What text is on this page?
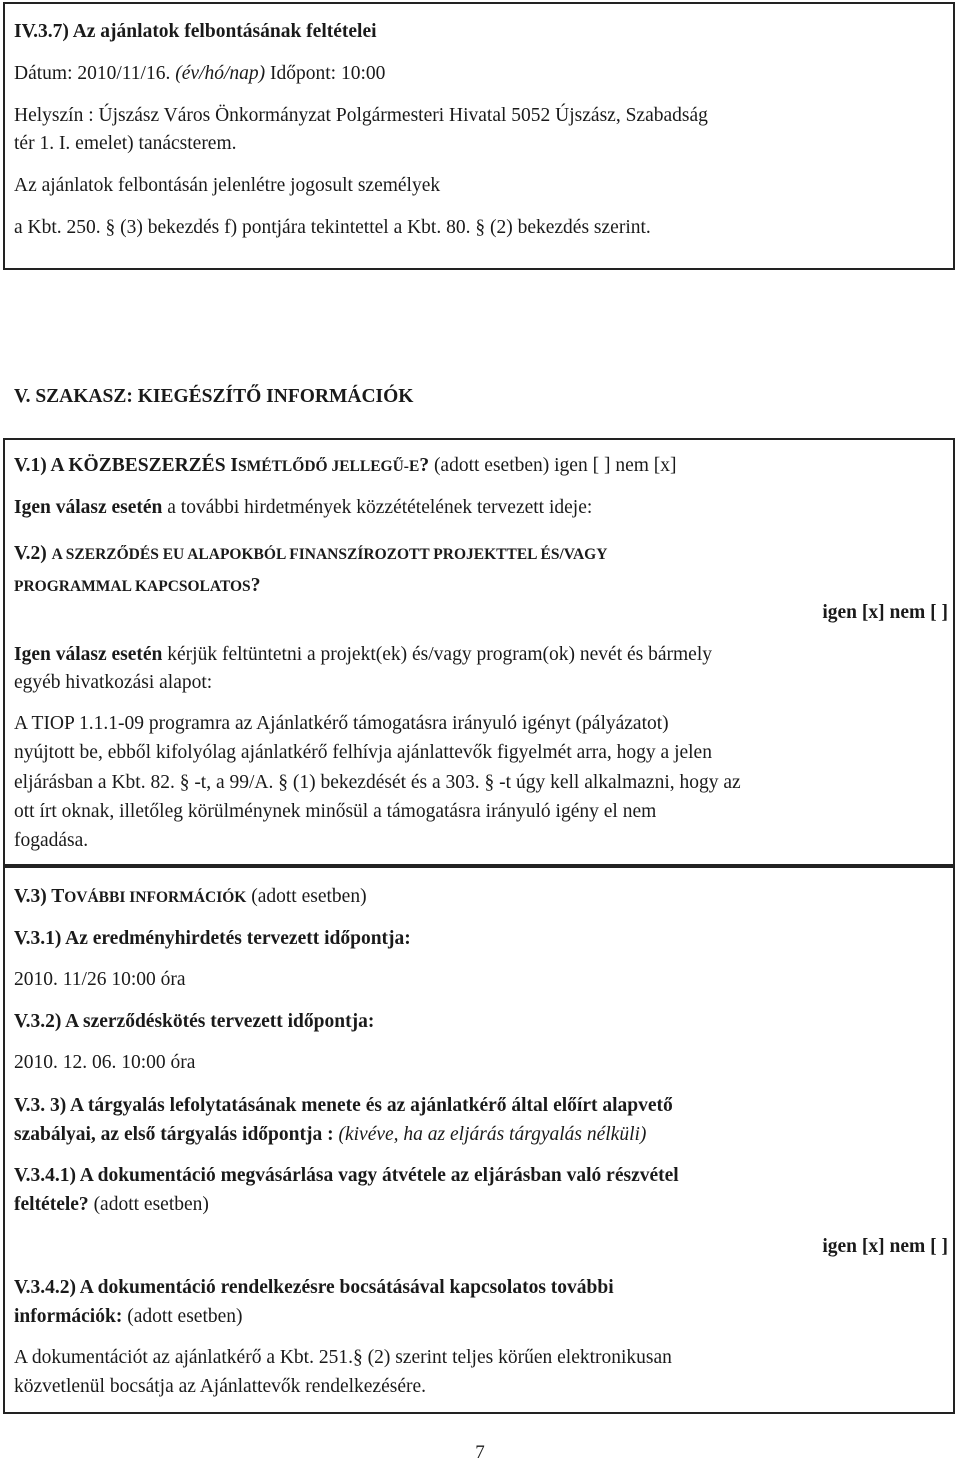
IV.3.7) Az ajánlatok felbontásának feltételei
Dátum: 2010/11/16. (év/hó/nap) Időpont: 10:00
Helyszín : Újszász Város Önkormányzat Polgármesteri Hivatal 5052 Újszász, Szabadság
tér 1. I. emelet) tanácsterem.
Az ajánlatok felbontásán jelenlétre jogosult személyek
a Kbt. 250. § (3) bekezdés f) pontjára tekintettel a Kbt. 80. § (2) bekezdés szerint.
V. SZAKASZ: KIEGÉSZÍTŐ INFORMÁCIÓK
V.1) A KÖZBESZERZÉS ISMÉTLŐDŐ JELLEGŰ-E? (adott esetben) igen [ ] nem [x]
Igen válasz esetén a további hirdetmények közzétételének tervezett ideje:
V.2) A SZERZŐDÉS EU ALAPOKBÓL FINANSZÍROZOTT PROJEKTTEL ÉS/VAGY
PROGRAMMAL KAPCSOLATOS?
igen [x] nem [ ]
Igen válasz esetén kérjük feltüntetni a projekt(ek) és/vagy program(ok) nevét és bármely
egyéb hivatkozási alapot:
A TIOP 1.1.1-09 programra az Ajánlatkérő támogatásra irányuló igényt (pályázatot)
nyújtott be, ebből kifolyólag ajánlatkérő felhívja ajánlattevők figyelmét arra, hogy a jelen
eljárásban a Kbt. 82. § -t, a 99/A. § (1) bekezdését és a 303. § -t úgy kell alkalmazni, hogy az
ott írt oknak, illetőleg körülménynek minősül a támogatásra irányuló igény el nem
fogadása.
V.3) TOVÁBBI INFORMÁCIÓK (adott esetben)
V.3.1) Az eredményhirdetés tervezett időpontja:
2010. 11/26 10:00 óra
V.3.2) A szerződéskötés tervezett időpontja:
2010. 12. 06. 10:00 óra
V.3. 3) A tárgyalás lefolytatásának menete és az ajánlatkérő által előírt alapvető
szabályai, az első tárgyalás időpontja : (kivéve, ha az eljárás tárgyalás nélküli)
V.3.4.1) A dokumentáció megvásárlása vagy átvétele az eljárásban való részvétel
feltétele? (adott esetben)
igen [x] nem [ ]
V.3.4.2) A dokumentáció rendelkezésre bocsátásával kapcsolatos további
információk: (adott esetben)
A dokumentációt az ajánlatkérő a Kbt. 251.§ (2) szerint teljes körűen elektronikusan
közvetlenül bocsátja az Ajánlattevők rendelkezésére.
7
